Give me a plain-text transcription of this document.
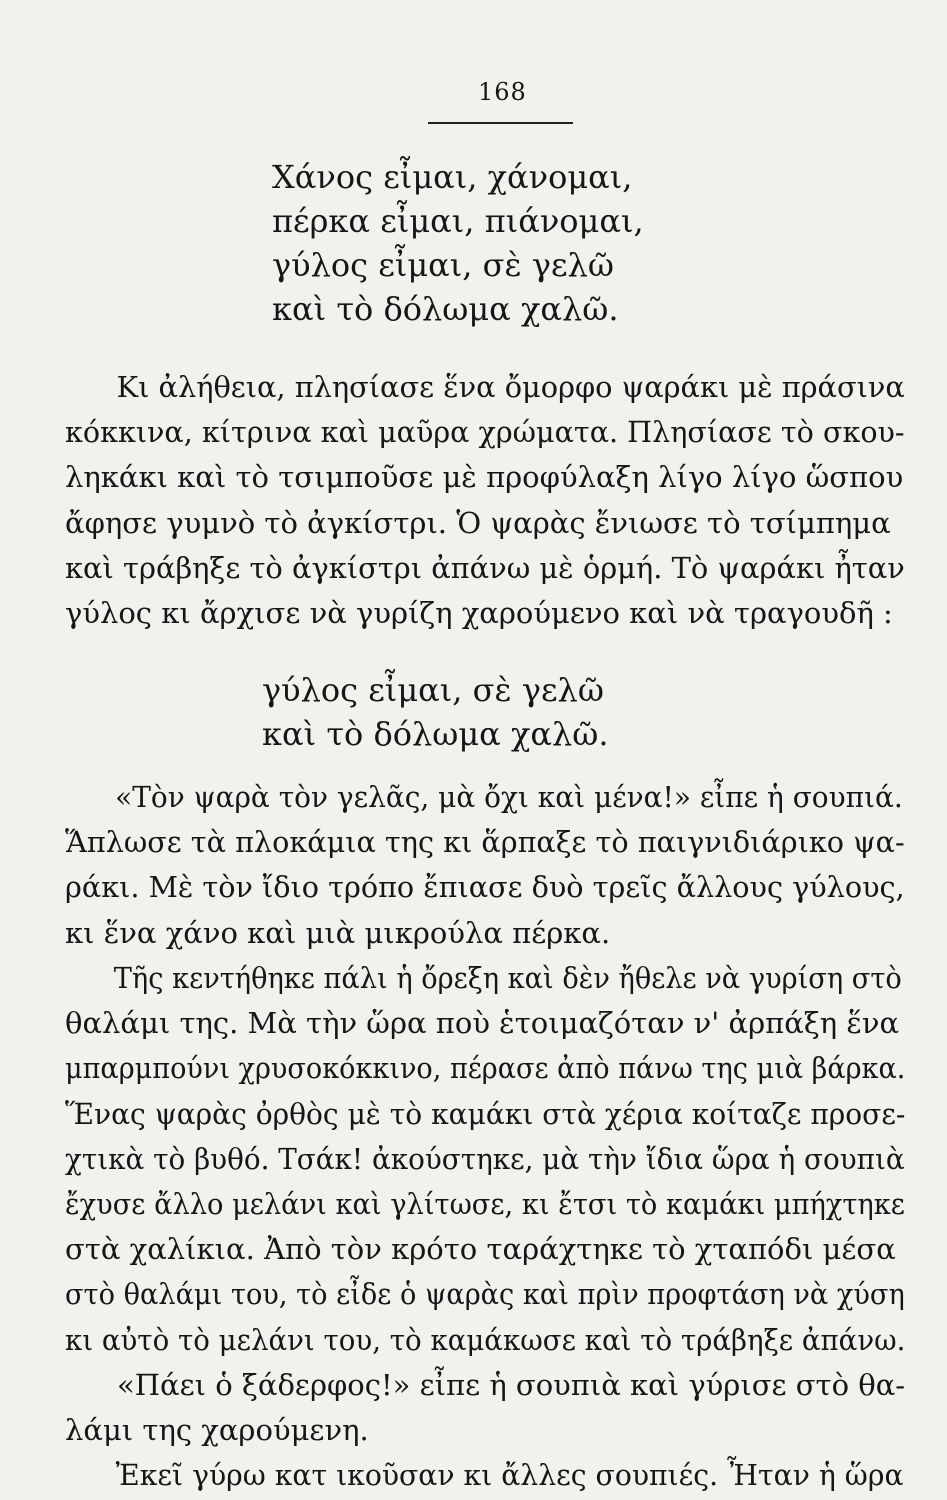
168
Χάνος εἶμαι, χάνομαι,
πέρκα εἶμαι, πιάνομαι,
γύλος εἶμαι, σὲ γελῶ
καὶ τὸ δόλωμα χαλῶ.
Κι ἀλήθεια, πλησίασε ἕνα ὄμορφο ψαράκι μὲ πράσινα
κόκκινα, κίτρινα καὶ μαῦρα χρώματα. Πλησίασε τὸ σκου-
ληκάκι καὶ τὸ τσιμποῦσε μὲ προφύλαξη λίγο λίγο ὥσπου
ἄφησε γυμνὸ τὸ ἀγκίστρι. Ὁ ψαρὰς ἔνιωσε τὸ τσίμπημα
καὶ τράβηξε τὸ ἀγκίστρι ἀπάνω μὲ ὁρμή. Τὸ ψαράκι ἦταν
γύλος κι ἄρχισε νὰ γυρίζη χαρούμενο καὶ νὰ τραγουδῆ :
γύλος εἶμαι, σὲ γελῶ
καὶ τὸ δόλωμα χαλῶ.
«Τὸν ψαρὰ τὸν γελᾶς, μὰ ὄχι καὶ μένα!» εἶπε ἡ σουπιά.
Ἅπλωσε τὰ πλοκάμια της κι ἅρπαξε τὸ παιγνιδιάρικο ψα-
ράκι. Μὲ τὸν ἴδιο τρόπο ἔπιασε δυὸ τρεῖς ἄλλους γύλους,
κι ἕνα χάνο καὶ μιὰ μικρούλα πέρκα.
Τῆς κεντήθηκε πάλι ἡ ὄρεξη καὶ δὲν ἤθελε νὰ γυρίση στὸ
θαλάμι της. Μὰ τὴν ὥρα ποὺ ἑτοιμαζόταν ν' ἀρπάξη ἕνα
μπαρμπούνι χρυσοκόκκινο, πέρασε ἀπὸ πάνω της μιὰ βάρκα.
Ἕνας ψαρὰς ὀρθὸς μὲ τὸ καμάκι στὰ χέρια κοίταζε προσε-
χτικὰ τὸ βυθό. Τσάκ! ἀκούστηκε, μὰ τὴν ἴδια ὥρα ἡ σουπιὰ
ἔχυσε ἄλλο μελάνι καὶ γλίτωσε, κι ἔτσι τὸ καμάκι μπήχτηκε
στὰ χαλίκια. Ἀπὸ τὸν κρότο ταράχτηκε τὸ χταπόδι μέσα
στὸ θαλάμι του, τὸ εἶδε ὁ ψαρὰς καὶ πρὶν προφτάση νὰ χύση
κι αὐτὸ τὸ μελάνι του, τὸ καμάκωσε καὶ τὸ τράβηξε ἀπάνω.
«Πάει ὁ ξάδερφος!» εἶπε ἡ σουπιὰ καὶ γύρισε στὸ θα-
λάμι της χαρούμενη.
Ἐκεῖ γύρω κατ ικοῦσαν κι ἄλλες σουπιές. Ἦταν ἡ ὥρα
